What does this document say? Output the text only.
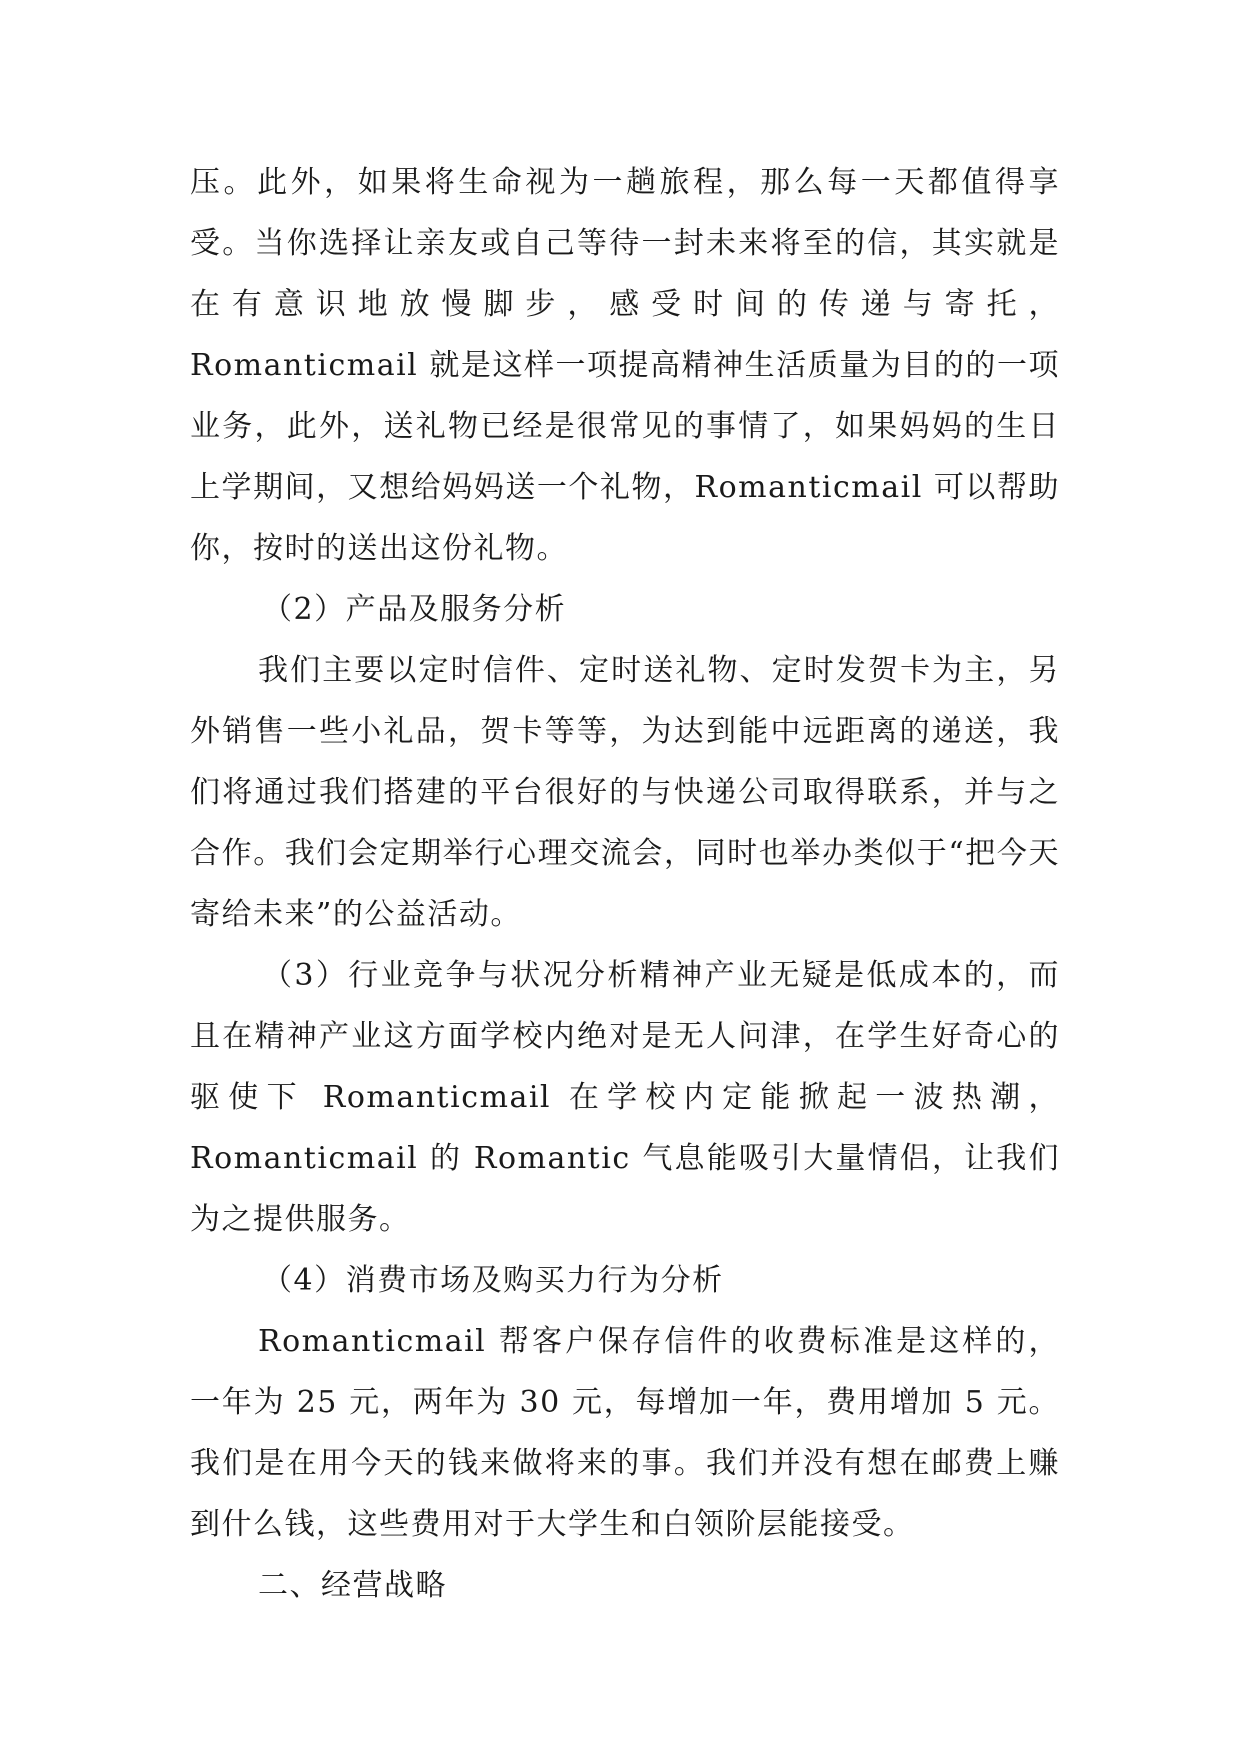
压。此外，如果将生命视为一趟旅程，那么每一天都值得享受。当你选择让亲友或自己等待一封未来将至的信，其实就是在有意识地放慢脚步，感受时间的传递与寄托，Romanticmail 就是这样一项提高精神生活质量为目的的一项业务，此外，送礼物已经是很常见的事情了，如果妈妈的生日上学期间，又想给妈妈送一个礼物，Romanticmail 可以帮助你，按时的送出这份礼物。

（2）产品及服务分析

我们主要以定时信件、定时送礼物、定时发贺卡为主，另外销售一些小礼品，贺卡等等，为达到能中远距离的递送，我们将通过我们搭建的平台很好的与快递公司取得联系，并与之合作。我们会定期举行心理交流会，同时也举办类似于“把今天寄给未来”的公益活动。

（3）行业竞争与状况分析精神产业无疑是低成本的，而且在精神产业这方面学校内绝对是无人问津，在学生好奇心的驱使下 Romanticmail 在学校内定能掀起一波热潮，Romanticmail 的 Romantic 气息能吸引大量情侣，让我们为之提供服务。

（4）消费市场及购买力行为分析

Romanticmail 帮客户保存信件的收费标准是这样的，一年为 25 元，两年为 30 元，每增加一年，费用增加 5 元。我们是在用今天的钱来做将来的事。我们并没有想在邮费上赚到什么钱，这些费用对于大学生和白领阶层能接受。

二、经营战略
